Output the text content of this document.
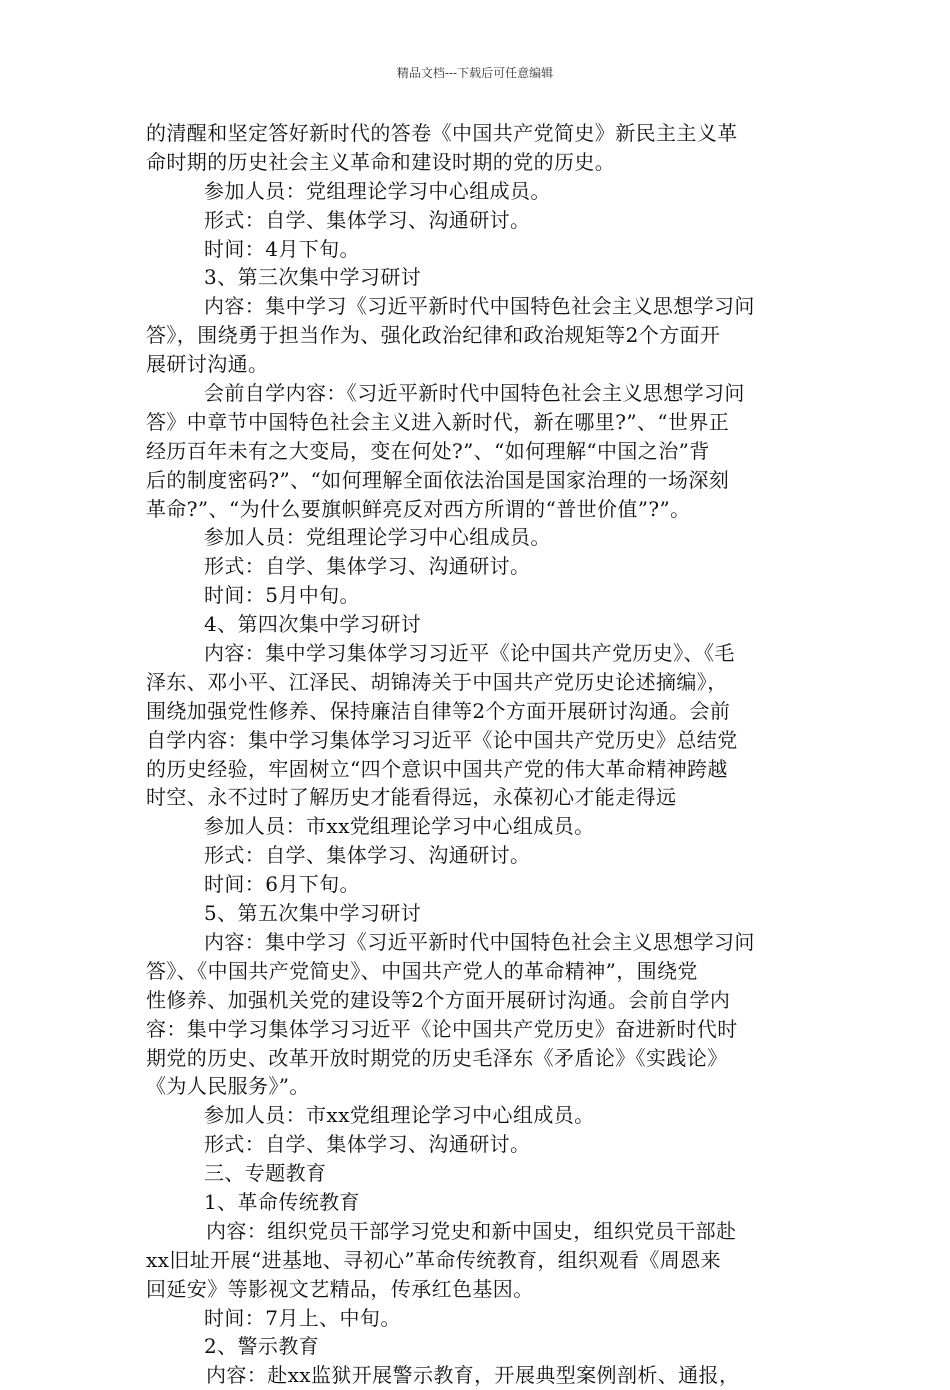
精品文档---下载后可任意编辑
的清醒和坚定答好新时代的答卷《中国共产党简史》新民主主义革
命时期的历史社会主义革命和建设时期的党的历史。
参加人员：党组理论学习中心组成员。
形式：自学、集体学习、沟通研讨。
时间：4月下旬。
3、第三次集中学习研讨
内容：集中学习《习近平新时代中国特色社会主义思想学习问
答》，围绕勇于担当作为、强化政治纪律和政治规矩等2个方面开
展研讨沟通。
会前自学内容：《习近平新时代中国特色社会主义思想学习问
答》中章节中国特色社会主义进入新时代，新在哪里?”、“世界正
经历百年未有之大变局，变在何处?”、“如何理解“中国之治”背
后的制度密码?”、“如何理解全面依法治国是国家治理的一场深刻
革命?”、“为什么要旗帜鲜亮反对西方所谓的“普世价值”?”。
参加人员：党组理论学习中心组成员。
形式：自学、集体学习、沟通研讨。
时间：5月中旬。
4、第四次集中学习研讨
内容：集中学习集体学习习近平《论中国共产党历史》、《毛
泽东、邓小平、江泽民、胡锦涛关于中国共产党历史论述摘编》，
围绕加强党性修养、保持廉洁自律等2个方面开展研讨沟通。会前
自学内容：集中学习集体学习习近平《论中国共产党历史》总结党
的历史经验，牢固树立“四个意识中国共产党的伟大革命精神跨越
时空、永不过时了解历史才能看得远，永葆初心才能走得远
参加人员：市xx党组理论学习中心组成员。
形式：自学、集体学习、沟通研讨。
时间：6月下旬。
5、第五次集中学习研讨
内容：集中学习《习近平新时代中国特色社会主义思想学习问
答》、《中国共产党简史》、中国共产党人的革命精神”，围绕党
性修养、加强机关党的建设等2个方面开展研讨沟通。会前自学内
容：集中学习集体学习习近平《论中国共产党历史》奋进新时代时
期党的历史、改革开放时期党的历史毛泽东《矛盾论》《实践论》
《为人民服务》”。
参加人员：市xx党组理论学习中心组成员。
形式：自学、集体学习、沟通研讨。
三、专题教育
1、革命传统教育
内容：组织党员干部学习党史和新中国史，组织党员干部赴
xx旧址开展“进基地、寻初心”革命传统教育，组织观看《周恩来
回延安》等影视文艺精品，传承红色基因。
时间：7月上、中旬。
2、警示教育
内容：赴xx监狱开展警示教育，开展典型案例剖析、通报，
